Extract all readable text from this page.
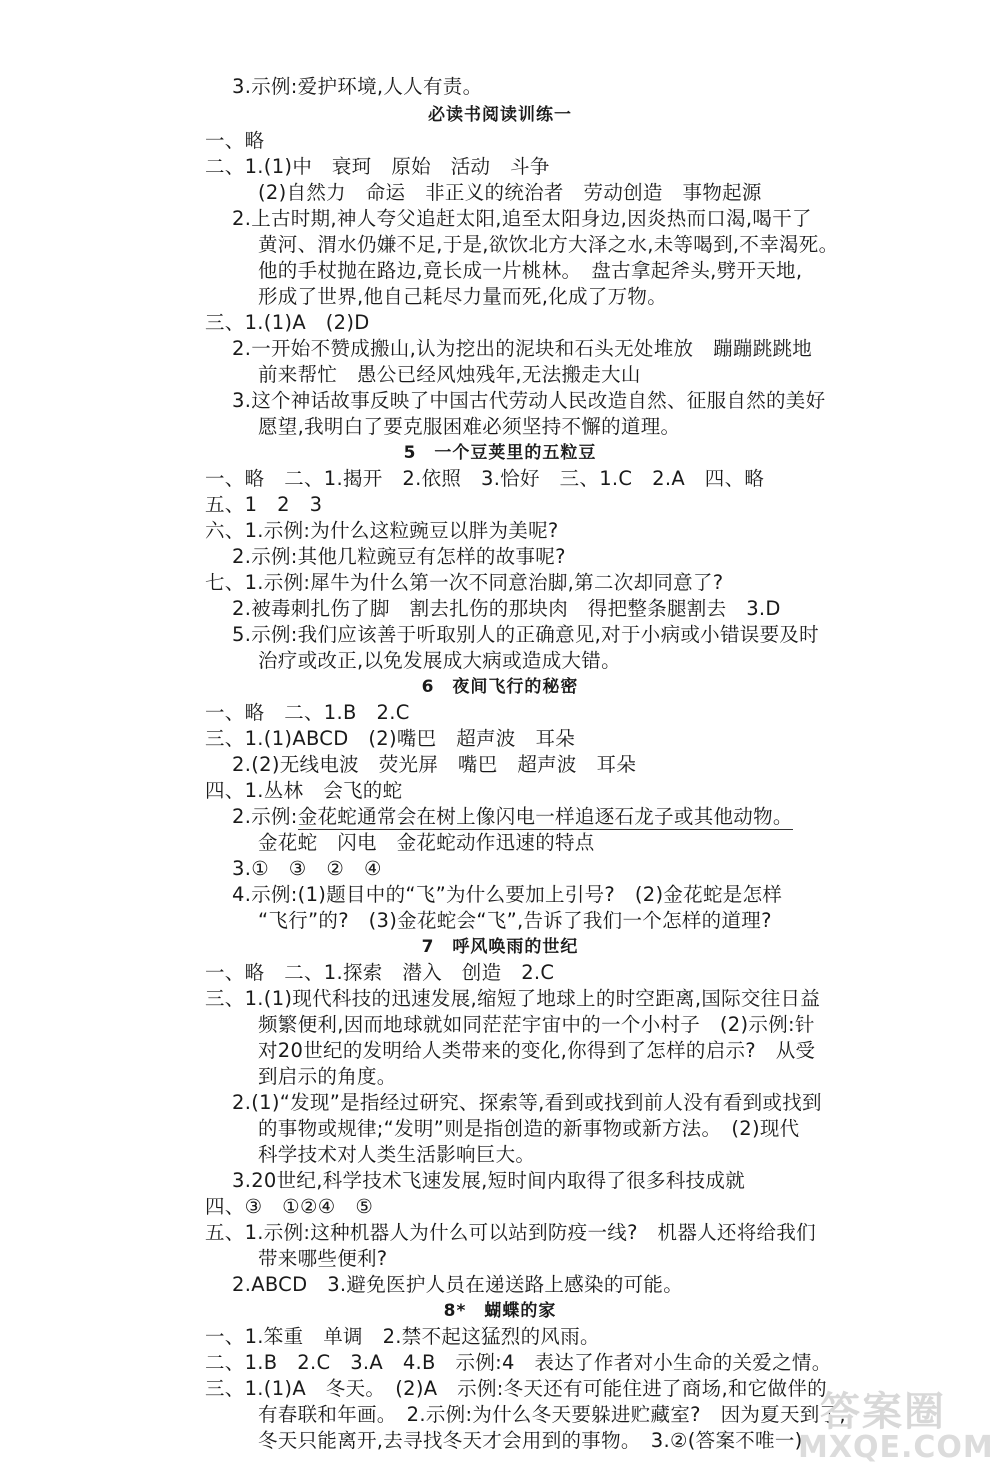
3.示例:爱护环境,人人有责。
必读书阅读训练一
一、略
二、1.(1)中　衰珂　原始　活动　斗争
(2)自然力　命运　非正义的统治者　劳动创造　事物起源
2.上古时期,神人夸父追赶太阳,追至太阳身边,因炎热而口渴,喝干了
黄河、渭水仍嫌不足,于是,欲饮北方大泽之水,未等喝到,不幸渴死。
他的手杖抛在路边,竟长成一片桃林。　盘古拿起斧头,劈开天地,
形成了世界,他自己耗尽力量而死,化成了万物。
三、1.(1)A　(2)D
2.一开始不赞成搬山,认为挖出的泥块和石头无处堆放　蹦蹦跳跳地
前来帮忙　愚公已经风烛残年,无法搬走大山
3.这个神话故事反映了中国古代劳动人民改造自然、征服自然的美好
愿望,我明白了要克服困难必须坚持不懈的道理。
5　一个豆荚里的五粒豆
一、略　二、1.揭开　2.依照　3.恰好　三、1.C　2.A　四、略
五、1　2　3
六、1.示例:为什么这粒豌豆以胖为美呢?
2.示例:其他几粒豌豆有怎样的故事呢?
七、1.示例:犀牛为什么第一次不同意治脚,第二次却同意了?
2.被毒刺扎伤了脚　割去扎伤的那块肉　得把整条腿割去　3.D
5.示例:我们应该善于听取别人的正确意见,对于小病或小错误要及时
治疗或改正,以免发展成大病或造成大错。
6　夜间飞行的秘密
一、略　二、1.B　2.C
三、1.(1)ABCD　(2)嘴巴　超声波　耳朵
2.(2)无线电波　荧光屏　嘴巴　超声波　耳朵
四、1.丛林　会飞的蛇
2.示例:金花蛇通常会在树上像闪电一样追逐石龙子或其他动物。
金花蛇　闪电　金花蛇动作迅速的特点
3.①　③　②　④
4.示例:(1)题目中的“飞”为什么要加上引号?　(2)金花蛇是怎样
“飞行”的?　(3)金花蛇会“飞”,告诉了我们一个怎样的道理?
7　呼风唤雨的世纪
一、略　二、1.探索　潜入　创造　2.C
三、1.(1)现代科技的迅速发展,缩短了地球上的时空距离,国际交往日益
频繁便利,因而地球就如同茫茫宇宙中的一个小村子　(2)示例:针
对20世纪的发明给人类带来的变化,你得到了怎样的启示?　从受
到启示的角度。
2.(1)“发现”是指经过研究、探索等,看到或找到前人没有看到或找到
的事物或规律;“发明”则是指创造的新事物或新方法。　(2)现代
科学技术对人类生活影响巨大。
3.20世纪,科学技术飞速发展,短时间内取得了很多科技成就
四、③　①②④　⑤
五、1.示例:这种机器人为什么可以站到防疫一线?　机器人还将给我们
带来哪些便利?
2.ABCD　3.避免医护人员在递送路上感染的可能。
8*　蝴蝶的家
一、1.笨重　单调　2.禁不起这猛烈的风雨。
二、1.B　2.C　3.A　4.B　示例:4　表达了作者对小生命的关爱之情。
三、1.(1)A　冬天。　(2)A　示例:冬天还有可能住进了商场,和它做伴的
有春联和年画。　2.示例:为什么冬天要躲进贮藏室?　因为夏天到了,
冬天只能离开,去寻找冬天才会用到的事物。　3.②(答案不唯一)
答案圈
MXQE.COM
